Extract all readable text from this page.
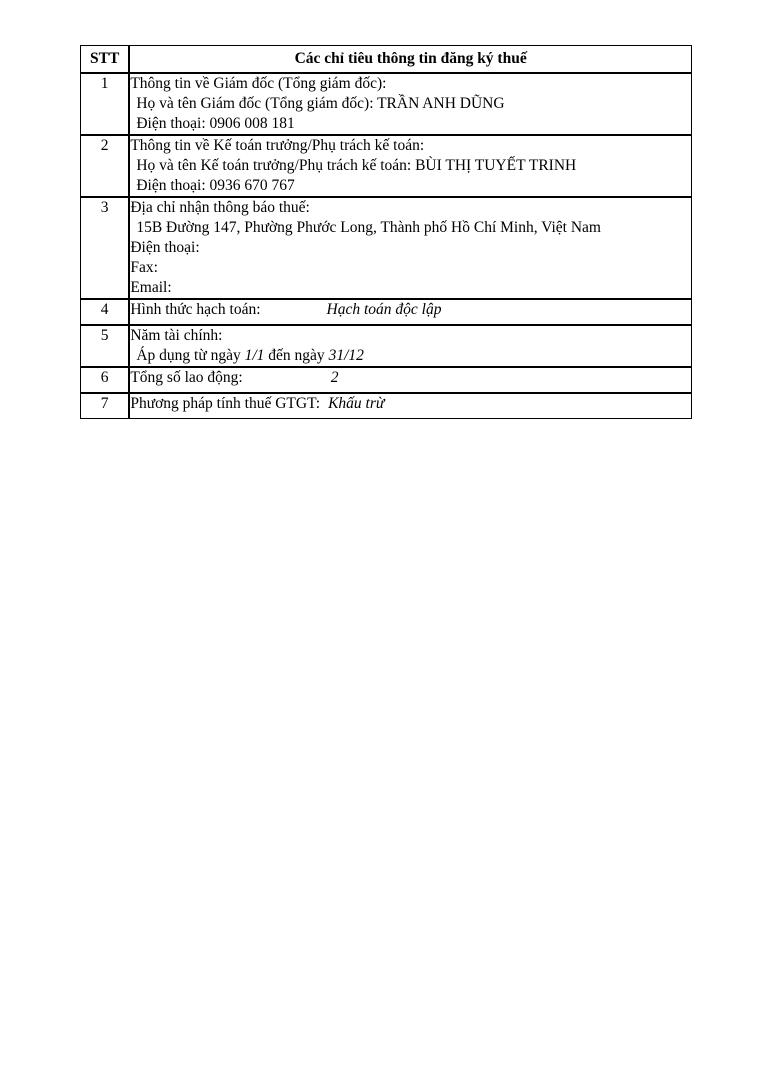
STT	Các chỉ tiêu thông tin đăng ký thuế
1	Thông tin về Giám đốc (Tổng giám đốc):
Họ và tên Giám đốc (Tổng giám đốc): TRẦN ANH DŨNG
Điện thoại: 0906 008 181

2	Thông tin về Kế toán trưởng/Phụ trách kế toán:
Họ và tên Kế toán trưởng/Phụ trách kế toán: BÙI THỊ TUYẾT TRINH
Điện thoại: 0936 670 767

3	Địa chỉ nhận thông báo thuế:
15B Đường 147, Phường Phước Long, Thành phố Hồ Chí Minh, Việt Nam
Điện thoại:
Fax:
Email:

4	Hình thức hạch toán: Hạch toán độc lập

5	Năm tài chính:
Áp dụng từ ngày 1/1 đến ngày 31/12

6	Tổng số lao động: 2

7	Phương pháp tính thuế GTGT: Khấu trừ
